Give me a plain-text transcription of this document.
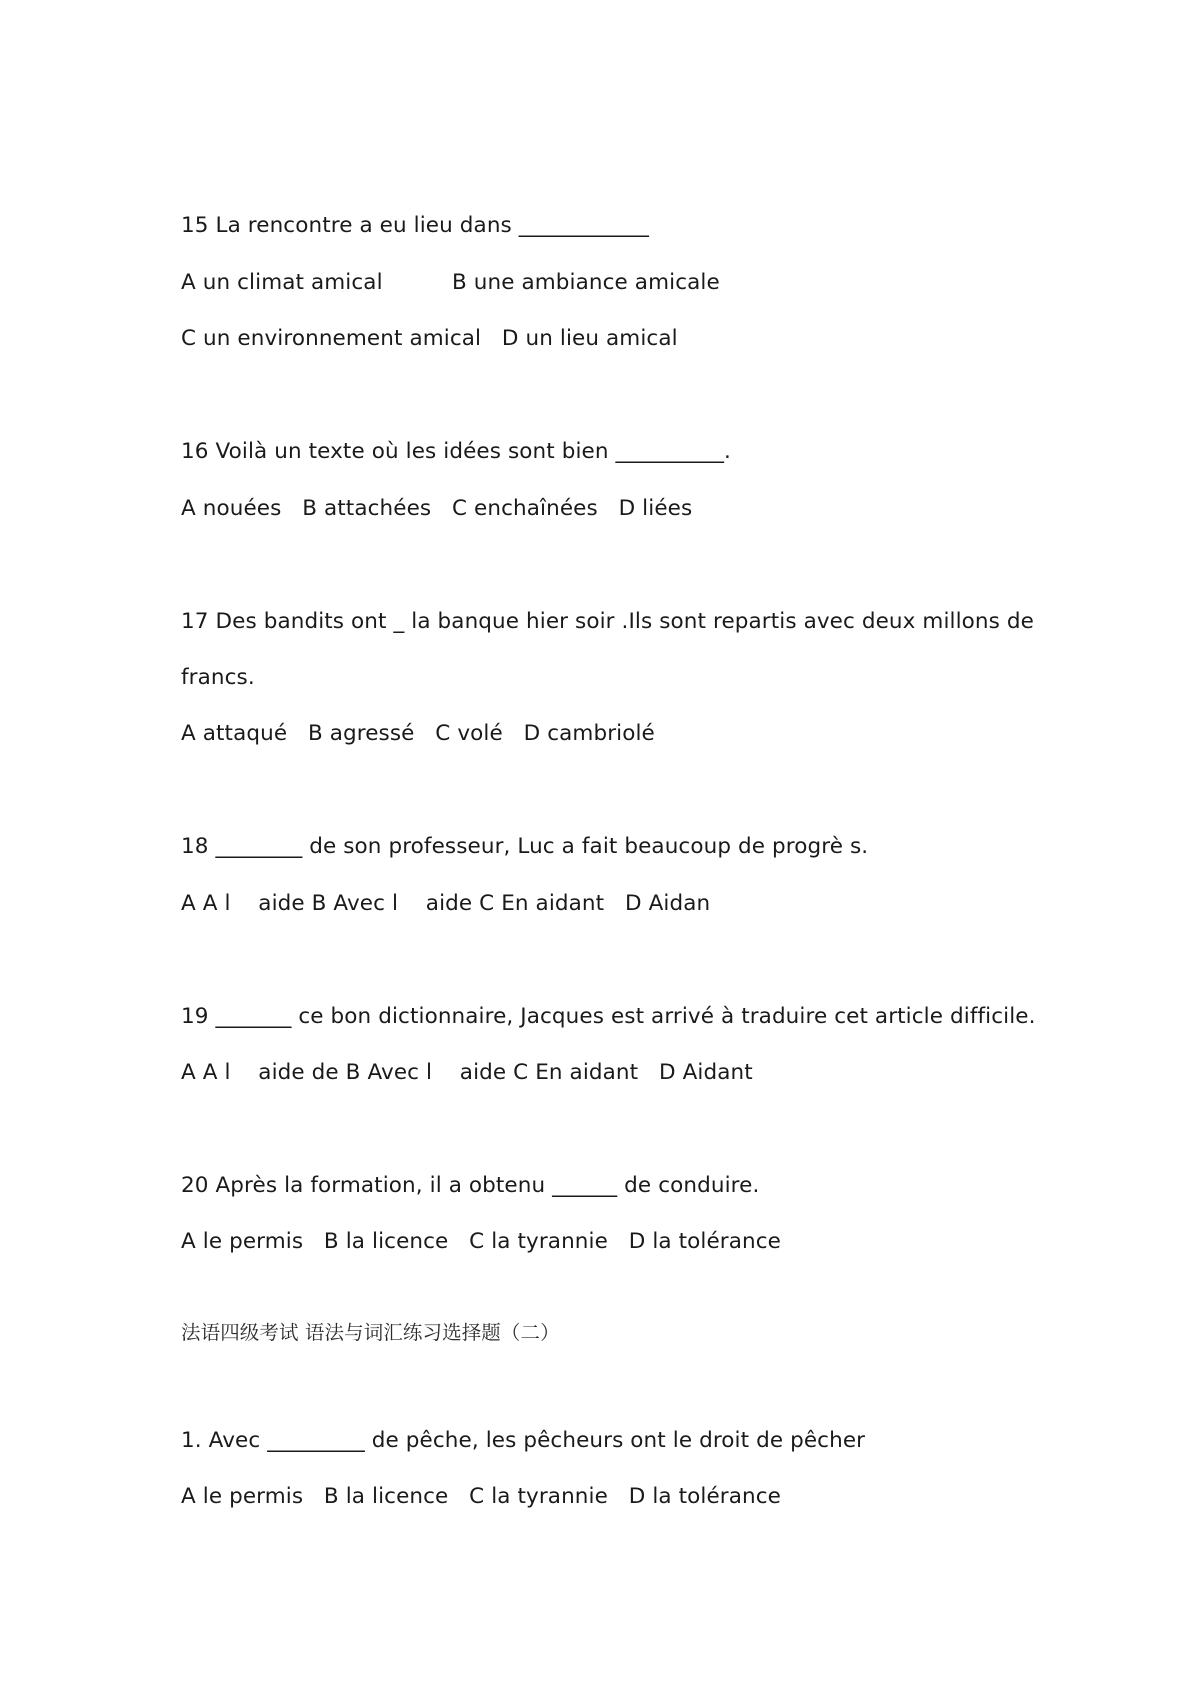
15 La rencontre a eu lieu dans ____________
A un climat amical          B une ambiance amicale
C un environnement amical   D un lieu amical
16 Voilà un texte où les idées sont bien __________.
A nouées   B attachées   C enchaînées   D liées
17 Des bandits ont _ la banque hier soir .Ils sont repartis avec deux millons de
francs.
A attaqué   B agressé   C volé   D cambriolé
18 ________ de son professeur, Luc a fait beaucoup de progrè s.
A A l    aide B Avec l    aide C En aidant   D Aidan
19 _______ ce bon dictionnaire, Jacques est arrivé à traduire cet article difficile.
A A l    aide de B Avec l    aide C En aidant   D Aidant
20 Après la formation, il a obtenu ______ de conduire.
A le permis   B la licence   C la tyrannie   D la tolérance
法语四级考试 语法与词汇练习选择题（二）
1. Avec _________ de pêche, les pêcheurs ont le droit de pêcher
A le permis   B la licence   C la tyrannie   D la tolérance
